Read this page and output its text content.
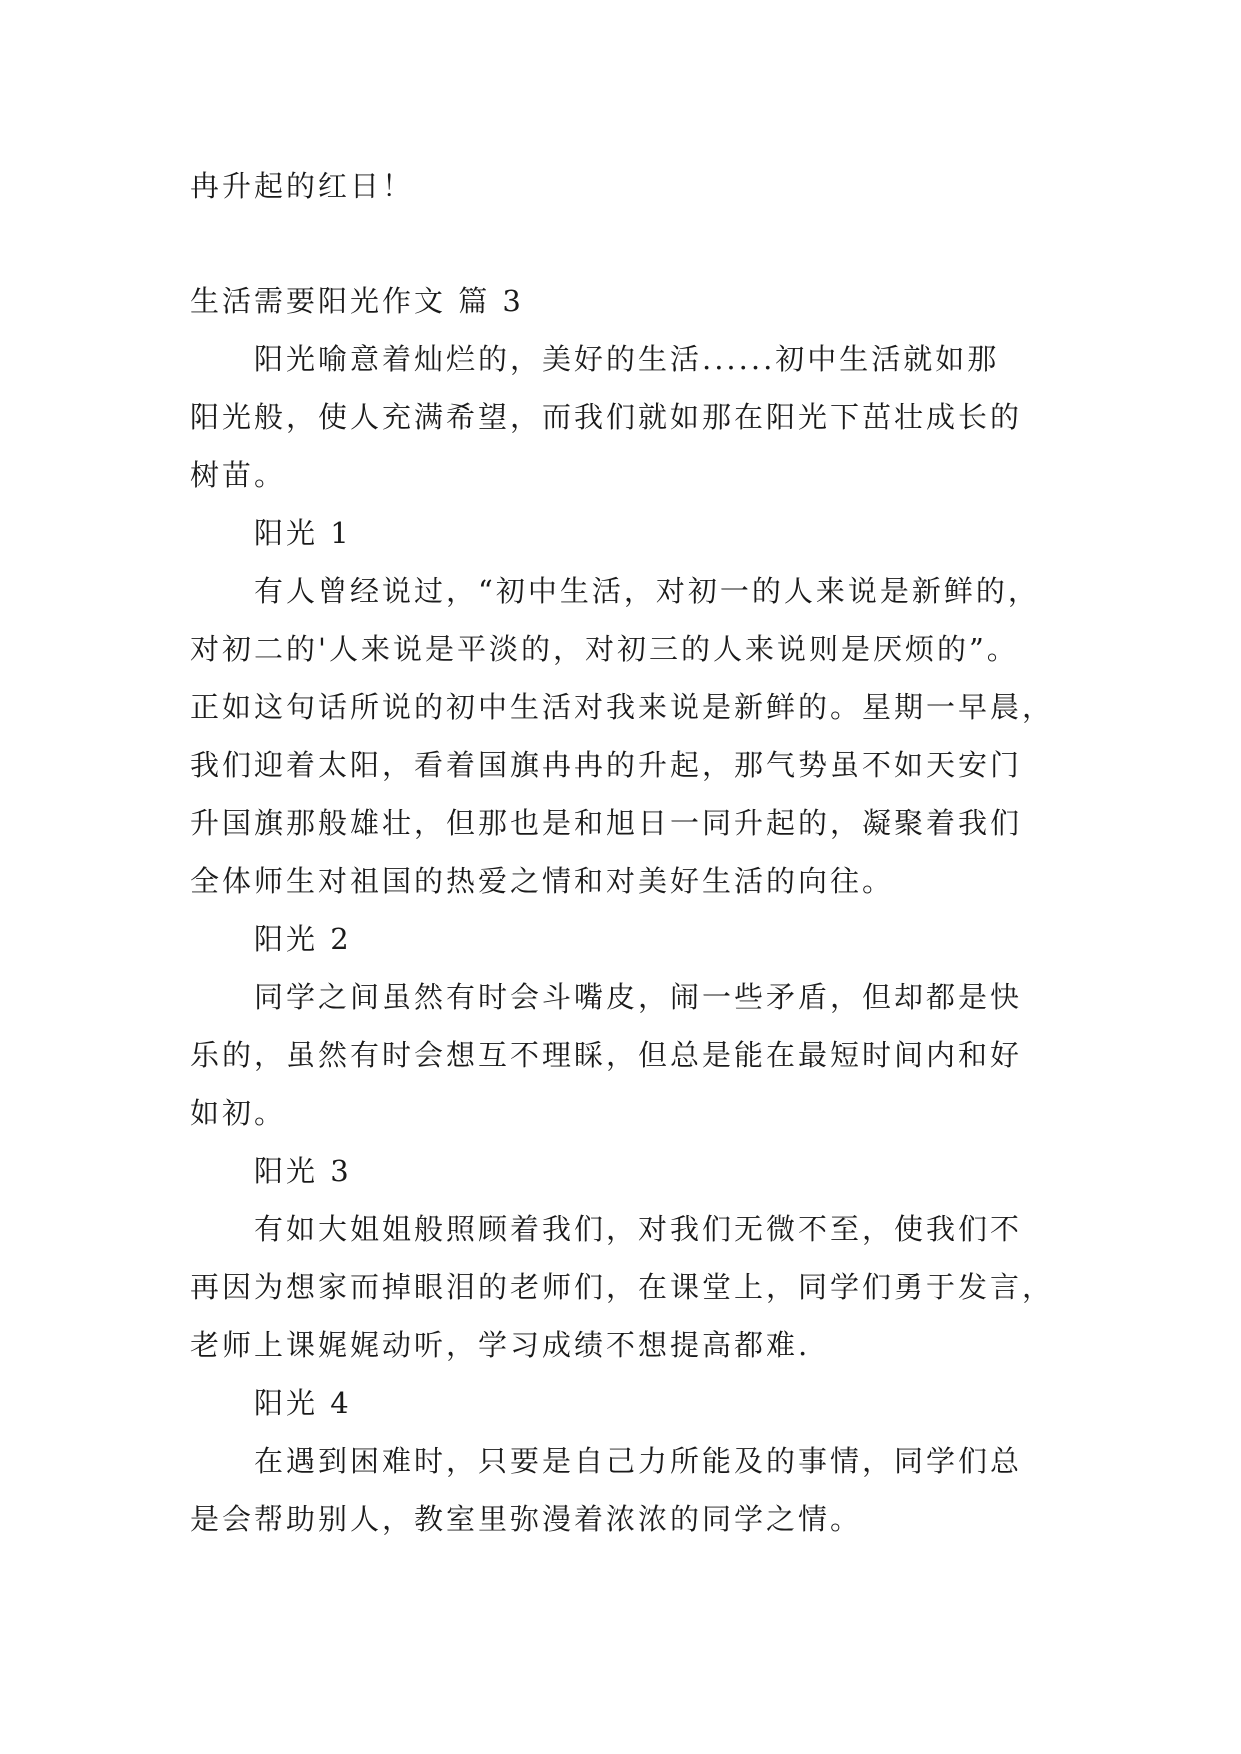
冉升起的红日！
生活需要阳光作文 篇 3
阳光喻意着灿烂的，美好的生活......初中生活就如那
阳光般，使人充满希望，而我们就如那在阳光下茁壮成长的
树苗。
阳光 1
有人曾经说过，“初中生活，对初一的人来说是新鲜的，
对初二的'人来说是平淡的，对初三的人来说则是厌烦的”。
正如这句话所说的初中生活对我来说是新鲜的。星期一早晨，
我们迎着太阳，看着国旗冉冉的升起，那气势虽不如天安门
升国旗那般雄壮，但那也是和旭日一同升起的，凝聚着我们
全体师生对祖国的热爱之情和对美好生活的向往。
阳光 2
同学之间虽然有时会斗嘴皮，闹一些矛盾，但却都是快
乐的，虽然有时会想互不理睬，但总是能在最短时间内和好
如初。
阳光 3
有如大姐姐般照顾着我们，对我们无微不至，使我们不
再因为想家而掉眼泪的老师们，在课堂上，同学们勇于发言，
老师上课娓娓动听，学习成绩不想提高都难.
阳光 4
在遇到困难时，只要是自己力所能及的事情，同学们总
是会帮助别人，教室里弥漫着浓浓的同学之情。
